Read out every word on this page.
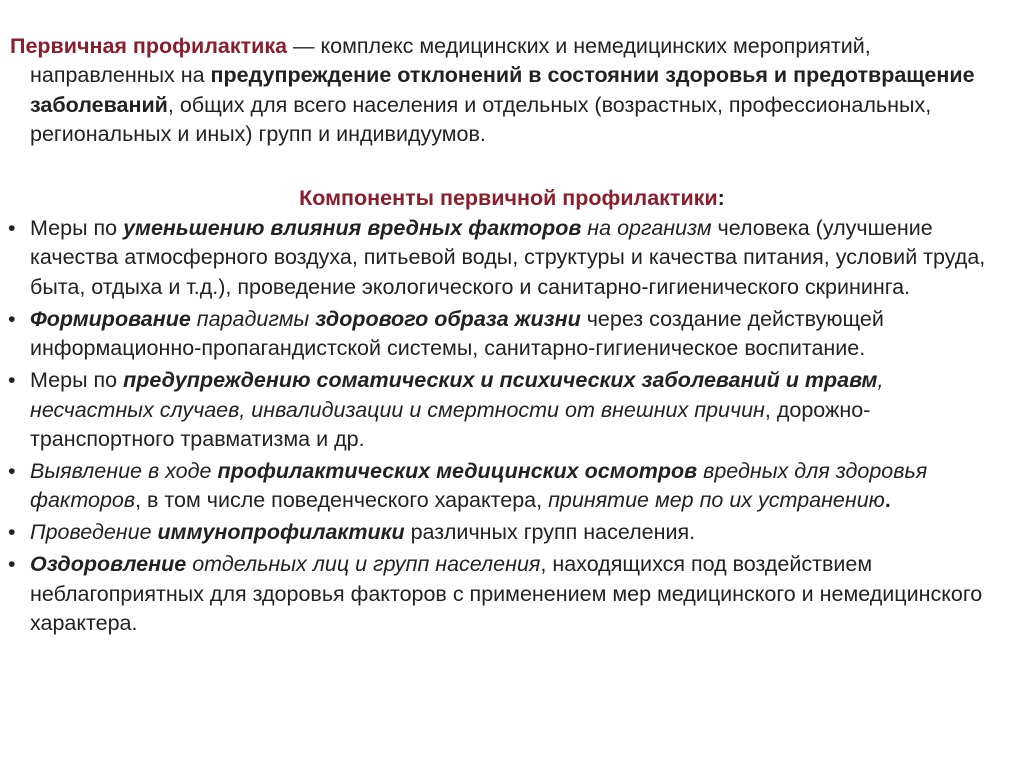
Первичная профилактика — комплекс медицинских и немедицинских мероприятий, направленных на предупреждение отклонений в состоянии здоровья и предотвращение заболеваний, общих для всего населения и отдельных (возрастных, профессиональных, региональных и иных) групп и индивидуумов.

Компоненты первичной профилактики:
• Меры по уменьшению влияния вредных факторов на организм человека (улучшение качества атмосферного воздуха, питьевой воды, структуры и качества питания, условий труда, быта, отдыха и т.д.), проведение экологического и санитарно-гигиенического скрининга.
• Формирование парадигмы здорового образа жизни через создание действующей информационно-пропагандистской системы, санитарно-гигиеническое воспитание.
• Меры по предупреждению соматических и психических заболеваний и травм, несчастных случаев, инвалидизации и смертности от внешних причин, дорожно-транспортного травматизма и др.
• Выявление в ходе профилактических медицинских осмотров вредных для здоровья факторов, в том числе поведенческого характера, принятие мер по их устранению.
• Проведение иммунопрофилактики различных групп населения.
• Оздоровление отдельных лиц и групп населения, находящихся под воздействием неблагоприятных для здоровья факторов с применением мер медицинского и немедицинского характера.
